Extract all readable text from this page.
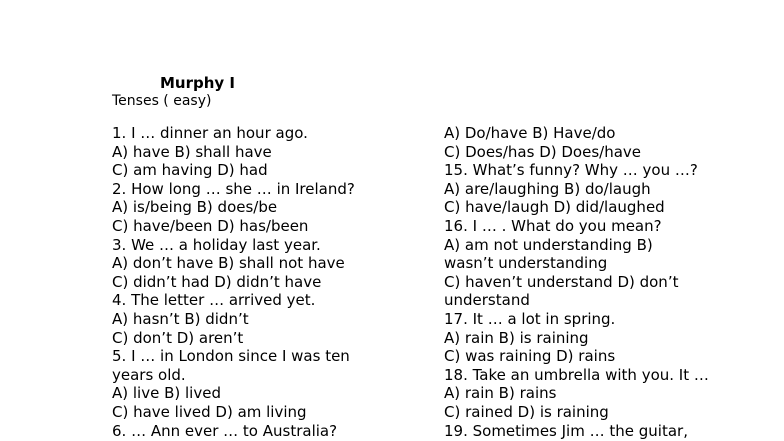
Murphy I
Tenses ( easy)
1. I … dinner an hour ago.
A) have B) shall have
C) am having D) had
2. How long … she … in Ireland?
A) is/being B) does/be
C) have/been D) has/been
3. We … a holiday last year.
A) don’t have B) shall not have
C) didn’t had D) didn’t have
4. The letter … arrived yet.
A) hasn’t B) didn’t
C) don’t D) aren’t
5. I … in London since I was ten
years old.
A) live B) lived
C) have lived D) am living
6. … Ann ever … to Australia?
A) Do/have B) Have/do
C) Does/has D) Does/have
15. What’s funny? Why … you …?
A) are/laughing B) do/laugh
C) have/laugh D) did/laughed
16. I … . What do you mean?
A) am not understanding B)
wasn’t understanding
C) haven’t understand D) don’t
understand
17. It … a lot in spring.
A) rain B) is raining
C) was raining D) rains
18. Take an umbrella with you. It …
A) rain B) rains
C) rained D) is raining
19. Sometimes Jim … the guitar,
